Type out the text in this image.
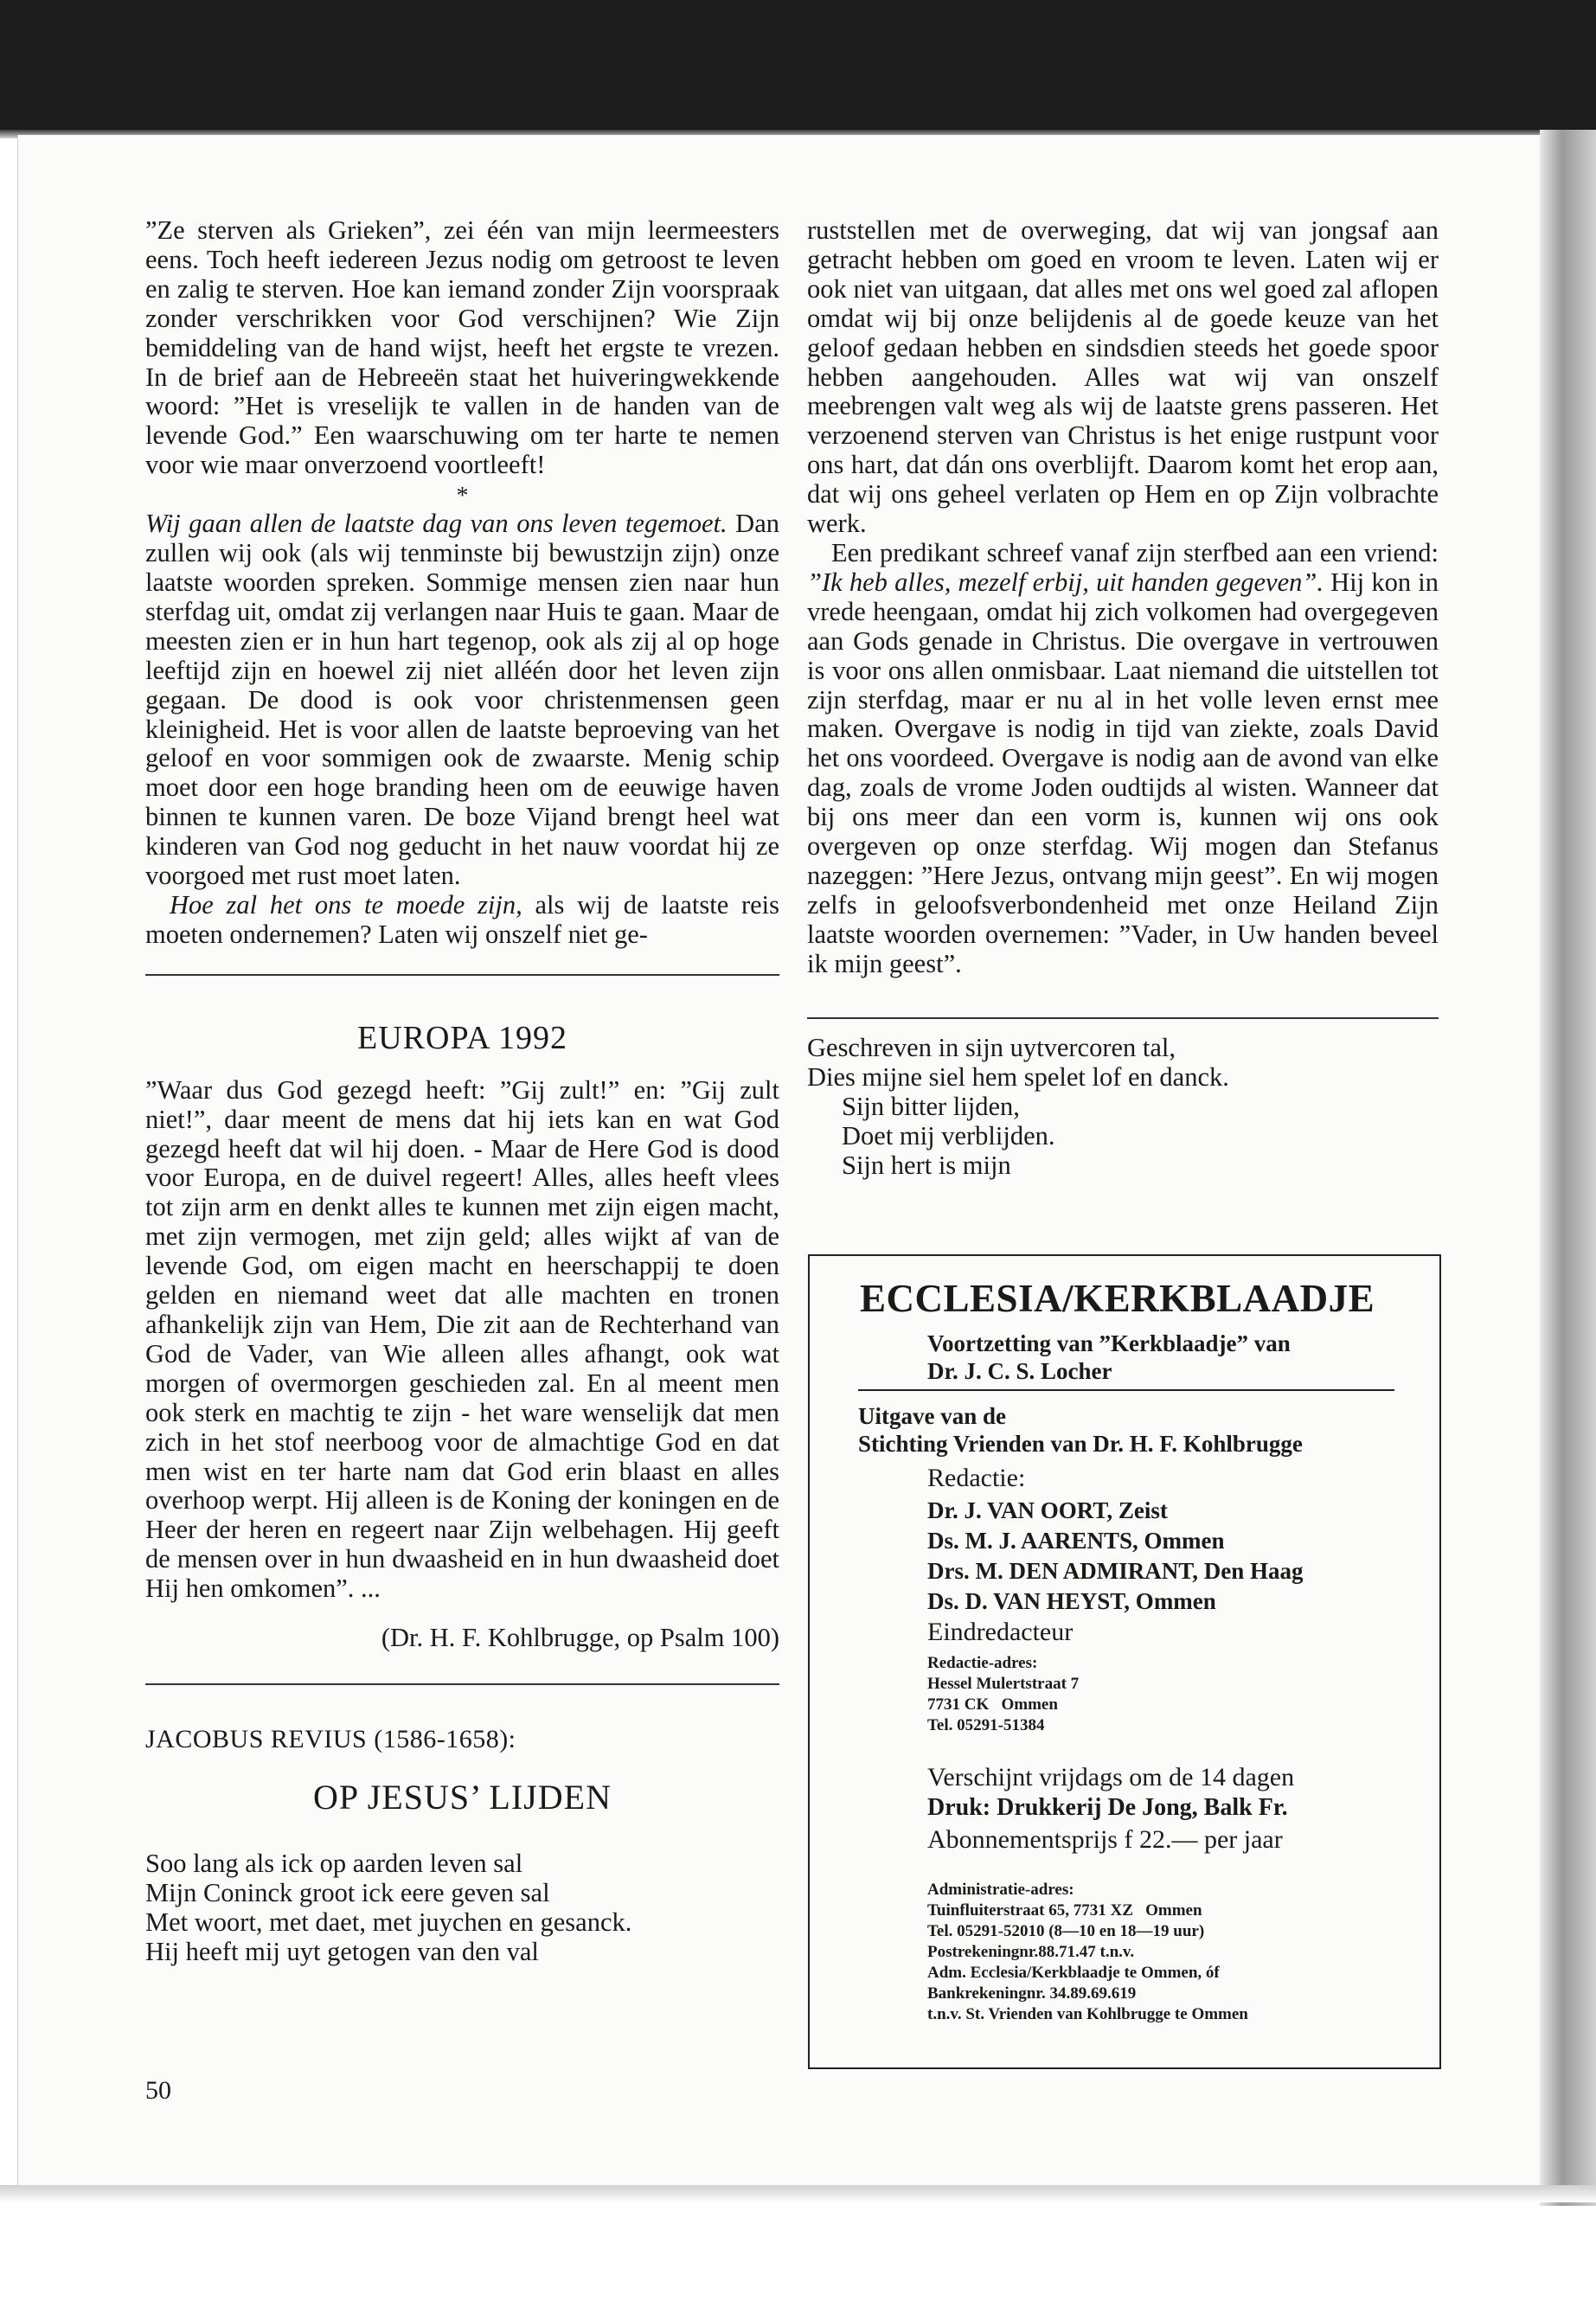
”Ze sterven als Grieken”, zei één van mijn leermeesters eens. Toch heeft iedereen Jezus nodig om getroost te leven en zalig te sterven. Hoe kan iemand zonder Zijn voorspraak zonder verschrikken voor God verschijnen? Wie Zijn bemiddeling van de hand wijst, heeft het ergste te vrezen. In de brief aan de Hebreeën staat het huiveringwekkende woord: ”Het is vreselijk te vallen in de handen van de levende God.” Een waarschuwing om ter harte te nemen voor wie maar onverzoend voortleeft!

*

Wij gaan allen de laatste dag van ons leven tegemoet. Dan zullen wij ook (als wij tenminste bij bewustzijn zijn) onze laatste woorden spreken. Sommige mensen zien naar hun sterfdag uit, omdat zij verlangen naar Huis te gaan. Maar de meesten zien er in hun hart tegenop, ook als zij al op hoge leeftijd zijn en hoewel zij niet alléén door het leven zijn gegaan. De dood is ook voor christenmensen geen kleinigheid. Het is voor allen de laatste beproeving van het geloof en voor sommigen ook de zwaarste. Menig schip moet door een hoge branding heen om de eeuwige haven binnen te kunnen varen. De boze Vijand brengt heel wat kinderen van God nog geducht in het nauw voordat hij ze voorgoed met rust moet laten.

Hoe zal het ons te moede zijn, als wij de laatste reis moeten ondernemen? Laten wij onszelf niet ge-

EUROPA 1992

”Waar dus God gezegd heeft: ”Gij zult!” en: ”Gij zult niet!”, daar meent de mens dat hij iets kan en wat God gezegd heeft dat wil hij doen. - Maar de Here God is dood voor Europa, en de duivel regeert! Alles, alles heeft vlees tot zijn arm en denkt alles te kunnen met zijn eigen macht, met zijn vermogen, met zijn geld; alles wijkt af van de levende God, om eigen macht en heerschappij te doen gelden en niemand weet dat alle machten en tronen afhankelijk zijn van Hem, Die zit aan de Rechterhand van God de Vader, van Wie alleen alles afhangt, ook wat morgen of overmorgen geschieden zal. En al meent men ook sterk en machtig te zijn - het ware wenselijk dat men zich in het stof neerboog voor de almachtige God en dat men wist en ter harte nam dat God erin blaast en alles overhoop werpt. Hij alleen is de Koning der koningen en de Heer der heren en regeert naar Zijn welbehagen. Hij geeft de mensen over in hun dwaasheid en in hun dwaasheid doet Hij hen omkomen”. ...

(Dr. H. F. Kohlbrugge, op Psalm 100)
JACOBUS REVIUS (1586-1658):
OP JESUS’ LIJDEN
Soo lang als ick op aarden leven sal
Mijn Coninck groot ick eere geven sal
Met woort, met daet, met juychen en gesanck.
Hij heeft mij uyt getogen van den val
50

ruststellen met de overweging, dat wij van jongsaf aan getracht hebben om goed en vroom te leven. Laten wij er ook niet van uitgaan, dat alles met ons wel goed zal aflopen omdat wij bij onze belijdenis al de goede keuze van het geloof gedaan hebben en sindsdien steeds het goede spoor hebben aangehouden. Alles wat wij van onszelf meebrengen valt weg als wij de laatste grens passeren. Het verzoenend sterven van Christus is het enige rustpunt voor ons hart, dat dán ons overblijft. Daarom komt het erop aan, dat wij ons geheel verlaten op Hem en op Zijn volbrachte werk.

Een predikant schreef vanaf zijn sterfbed aan een vriend: ”Ik heb alles, mezelf erbij, uit handen gegeven”. Hij kon in vrede heengaan, omdat hij zich volkomen had overgegeven aan Gods genade in Christus. Die overgave in vertrouwen is voor ons allen onmisbaar. Laat niemand die uitstellen tot zijn sterfdag, maar er nu al in het volle leven ernst mee maken. Overgave is nodig in tijd van ziekte, zoals David het ons voordeed. Overgave is nodig aan de avond van elke dag, zoals de vrome Joden oudtijds al wisten. Wanneer dat bij ons meer dan een vorm is, kunnen wij ons ook overgeven op onze sterfdag. Wij mogen dan Stefanus nazeggen: ”Here Jezus, ontvang mijn geest”. En wij mogen zelfs in geloofsverbondenheid met onze Heiland Zijn laatste woorden overnemen: ”Vader, in Uw handen beveel ik mijn geest”.

Geschreven in sijn uytvercoren tal,
Dies mijne siel hem spelet lof en danck.
Sijn bitter lijden,
Doet mij verblijden.
Sijn hert is mijn
ECCLESIA/KERKBLAADJE
Voortzetting van ”Kerkblaadje” van
Dr. J. C. S. Locher
Uitgave van de
Stichting Vrienden van Dr. H. F. Kohlbrugge
Redactie:
Dr. J. VAN OORT, Zeist
Ds. M. J. AARENTS, Ommen
Drs. M. DEN ADMIRANT, Den Haag
Ds. D. VAN HEYST, Ommen
Eindredacteur
Redactie-adres:
Hessel Mulertstraat 7
7731 CK   Ommen
Tel. 05291-51384
Verschijnt vrijdags om de 14 dagen
Druk: Drukkerij De Jong, Balk Fr.
Abonnementsprijs f 22.— per jaar
Administratie-adres:
Tuinfluiterstraat 65, 7731 XZ   Ommen
Tel. 05291-52010 (8—10 en 18—19 uur)
Postrekeningnr.88.71.47 t.n.v.
Adm. Ecclesia/Kerkblaadje te Ommen, óf
Bankrekeningnr. 34.89.69.619
t.n.v. St. Vrienden van Kohlbrugge te Ommen
